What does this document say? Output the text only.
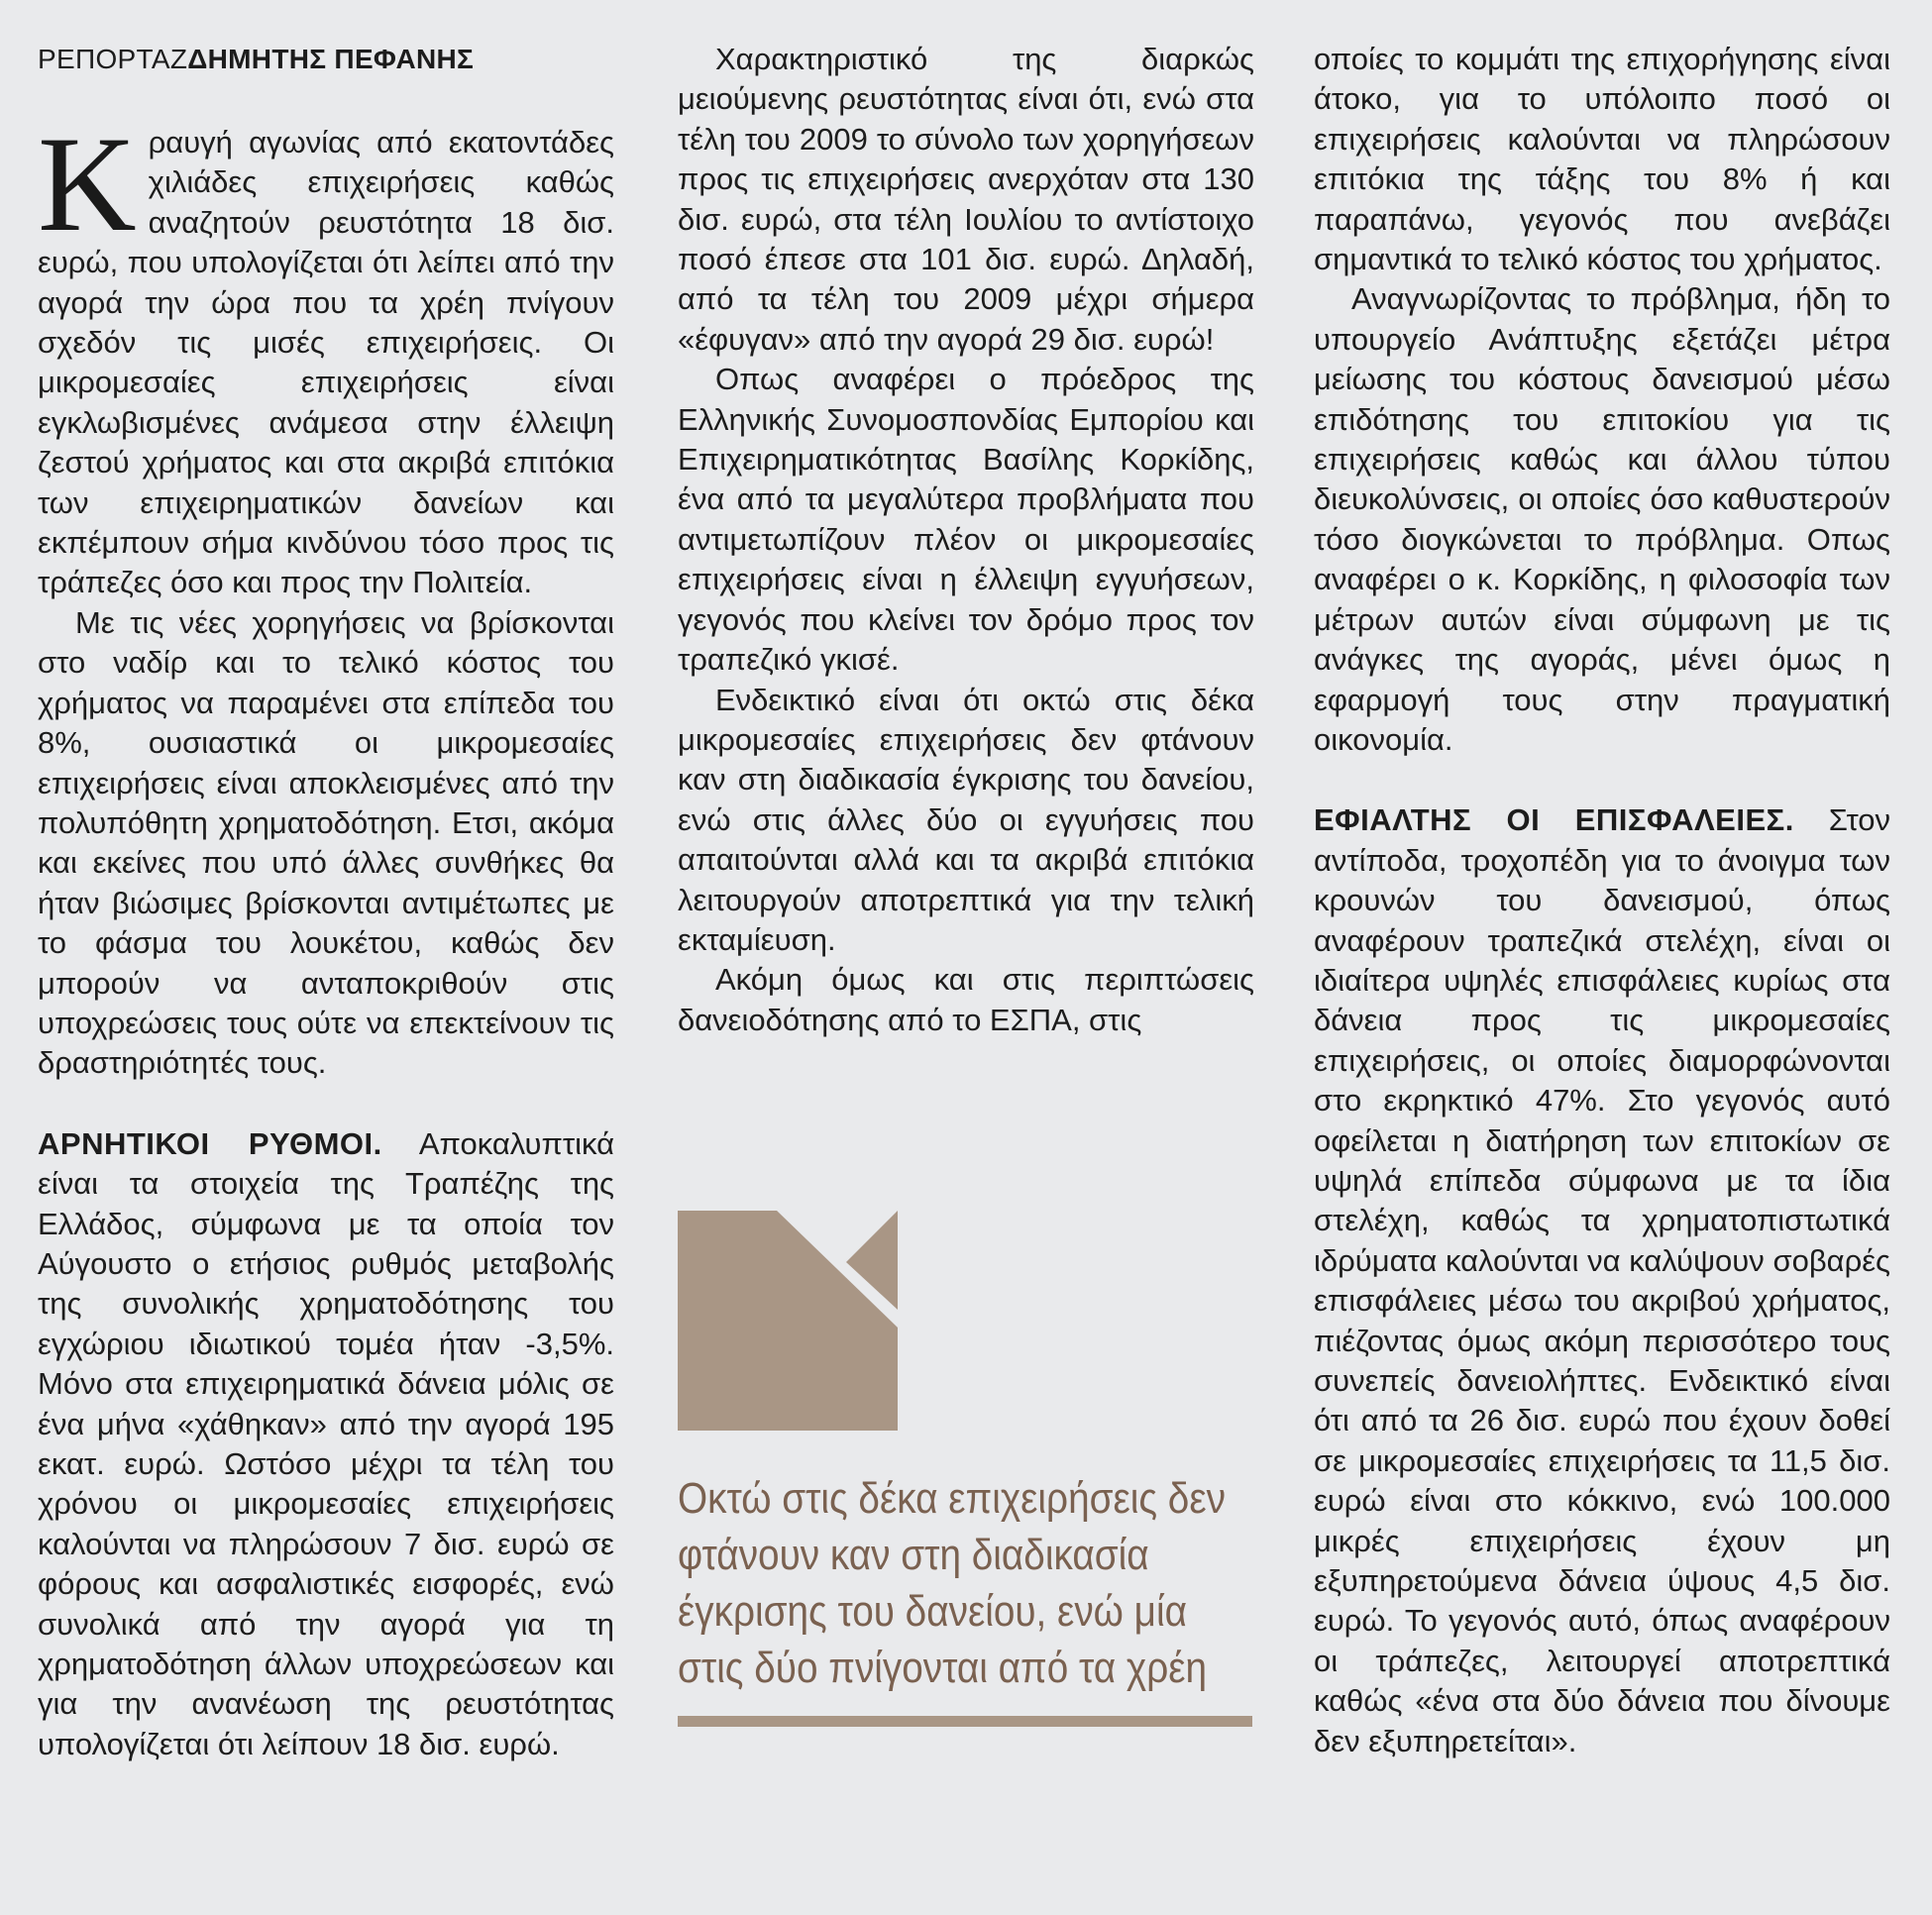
ΡΕΠΟΡΤΑΖΔΗΜΗΤΗΣ ΠΕΦΑΝΗΣ

Κραυγή αγωνίας από εκατοντάδες χιλιάδες επιχειρήσεις καθώς αναζητούν ρευστότητα 18 δισ. ευρώ, που υπολογίζεται ότι λείπει από την αγορά την ώρα που τα χρέη πνίγουν σχεδόν τις μισές επιχειρήσεις. Οι μικρομεσαίες επιχειρήσεις είναι εγκλωβισμένες ανάμεσα στην έλλειψη ζεστού χρήματος και στα ακριβά επιτόκια των επιχειρηματικών δανείων και εκπέμπουν σήμα κινδύνου τόσο προς τις τράπεζες όσο και προς την Πολιτεία.

Με τις νέες χορηγήσεις να βρίσκονται στο ναδίρ και το τελικό κόστος του χρήματος να παραμένει στα επίπεδα του 8%, ουσιαστικά οι μικρομεσαίες επιχειρήσεις είναι αποκλεισμένες από την πολυπόθητη χρηματοδότηση. Ετσι, ακόμα και εκείνες που υπό άλλες συνθήκες θα ήταν βιώσιμες βρίσκονται αντιμέτωπες με το φάσμα του λουκέτου, καθώς δεν μπορούν να ανταποκριθούν στις υποχρεώσεις τους ούτε να επεκτείνουν τις δραστηριότητές τους.

ΑΡΝΗΤΙΚΟΙ ΡΥΘΜΟΙ. Αποκαλυπτικά είναι τα στοιχεία της Τραπέζης της Ελλάδος, σύμφωνα με τα οποία τον Αύγουστο ο ετήσιος ρυθμός μεταβολής της συνολικής χρηματοδότησης του εγχώριου ιδιωτικού τομέα ήταν -3,5%. Μόνο στα επιχειρηματικά δάνεια μόλις σε ένα μήνα «χάθηκαν» από την αγορά 195 εκατ. ευρώ. Ωστόσο μέχρι τα τέλη του χρόνου οι μικρομεσαίες επιχειρήσεις καλούνται να πληρώσουν 7 δισ. ευρώ σε φόρους και ασφαλιστικές εισφορές, ενώ συνολικά από την αγορά για τη χρηματοδότηση άλλων υποχρεώσεων και για την ανανέωση της ρευστότητας υπολογίζεται ότι λείπουν 18 δισ. ευρώ.

Χαρακτηριστικό της διαρκώς μειούμενης ρευστότητας είναι ότι, ενώ στα τέλη του 2009 το σύνολο των χορηγήσεων προς τις επιχειρήσεις ανερχόταν στα 130 δισ. ευρώ, στα τέλη Ιουλίου το αντίστοιχο ποσό έπεσε στα 101 δισ. ευρώ. Δηλαδή, από τα τέλη του 2009 μέχρι σήμερα «έφυγαν» από την αγορά 29 δισ. ευρώ!

Οπως αναφέρει ο πρόεδρος της Ελληνικής Συνομοσπονδίας Εμπορίου και Επιχειρηματικότητας Βασίλης Κορκίδης, ένα από τα μεγαλύτερα προβλήματα που αντιμετωπίζουν πλέον οι μικρομεσαίες επιχειρήσεις είναι η έλλειψη εγγυήσεων, γεγονός που κλείνει τον δρόμο προς τον τραπεζικό γκισέ.

Ενδεικτικό είναι ότι οκτώ στις δέκα μικρομεσαίες επιχειρήσεις δεν φτάνουν καν στη διαδικασία έγκρισης του δανείου, ενώ στις άλλες δύο οι εγγυήσεις που απαιτούνται αλλά και τα ακριβά επιτόκια λειτουργούν αποτρεπτικά για την τελική εκταμίευση.

Ακόμη όμως και στις περιπτώσεις δανειοδότησης από το ΕΣΠΑ, στις

Οκτώ στις δέκα επιχειρήσεις δεν φτάνουν καν στη διαδικασία έγκρισης του δανείου, ενώ μία στις δύο πνίγονται από τα χρέη

οποίες το κομμάτι της επιχορήγησης είναι άτοκο, για το υπόλοιπο ποσό οι επιχειρήσεις καλούνται να πληρώσουν επιτόκια της τάξης του 8% ή και παραπάνω, γεγονός που ανεβάζει σημαντικά το τελικό κόστος του χρήματος.

Αναγνωρίζοντας το πρόβλημα, ήδη το υπουργείο Ανάπτυξης εξετάζει μέτρα μείωσης του κόστους δανεισμού μέσω επιδότησης του επιτοκίου για τις επιχειρήσεις καθώς και άλλου τύπου διευκολύνσεις, οι οποίες όσο καθυστερούν τόσο διογκώνεται το πρόβλημα. Οπως αναφέρει ο κ. Κορκίδης, η φιλοσοφία των μέτρων αυτών είναι σύμφωνη με τις ανάγκες της αγοράς, μένει όμως η εφαρμογή τους στην πραγματική οικονομία.

ΕΦΙΑΛΤΗΣ ΟΙ ΕΠΙΣΦΑΛΕΙΕΣ. Στον αντίποδα, τροχοπέδη για το άνοιγμα των κρουνών του δανεισμού, όπως αναφέρουν τραπεζικά στελέχη, είναι οι ιδιαίτερα υψηλές επισφάλειες κυρίως στα δάνεια προς τις μικρομεσαίες επιχειρήσεις, οι οποίες διαμορφώνονται στο εκρηκτικό 47%. Στο γεγονός αυτό οφείλεται η διατήρηση των επιτοκίων σε υψηλά επίπεδα σύμφωνα με τα ίδια στελέχη, καθώς τα χρηματοπιστωτικά ιδρύματα καλούνται να καλύψουν σοβαρές επισφάλειες μέσω του ακριβού χρήματος, πιέζοντας όμως ακόμη περισσότερο τους συνεπείς δανειολήπτες. Ενδεικτικό είναι ότι από τα 26 δισ. ευρώ που έχουν δοθεί σε μικρομεσαίες επιχειρήσεις τα 11,5 δισ. ευρώ είναι στο κόκκινο, ενώ 100.000 μικρές επιχειρήσεις έχουν μη εξυπηρετούμενα δάνεια ύψους 4,5 δισ. ευρώ. Το γεγονός αυτό, όπως αναφέρουν οι τράπεζες, λειτουργεί αποτρεπτικά καθώς «ένα στα δύο δάνεια που δίνουμε δεν εξυπηρετείται».
